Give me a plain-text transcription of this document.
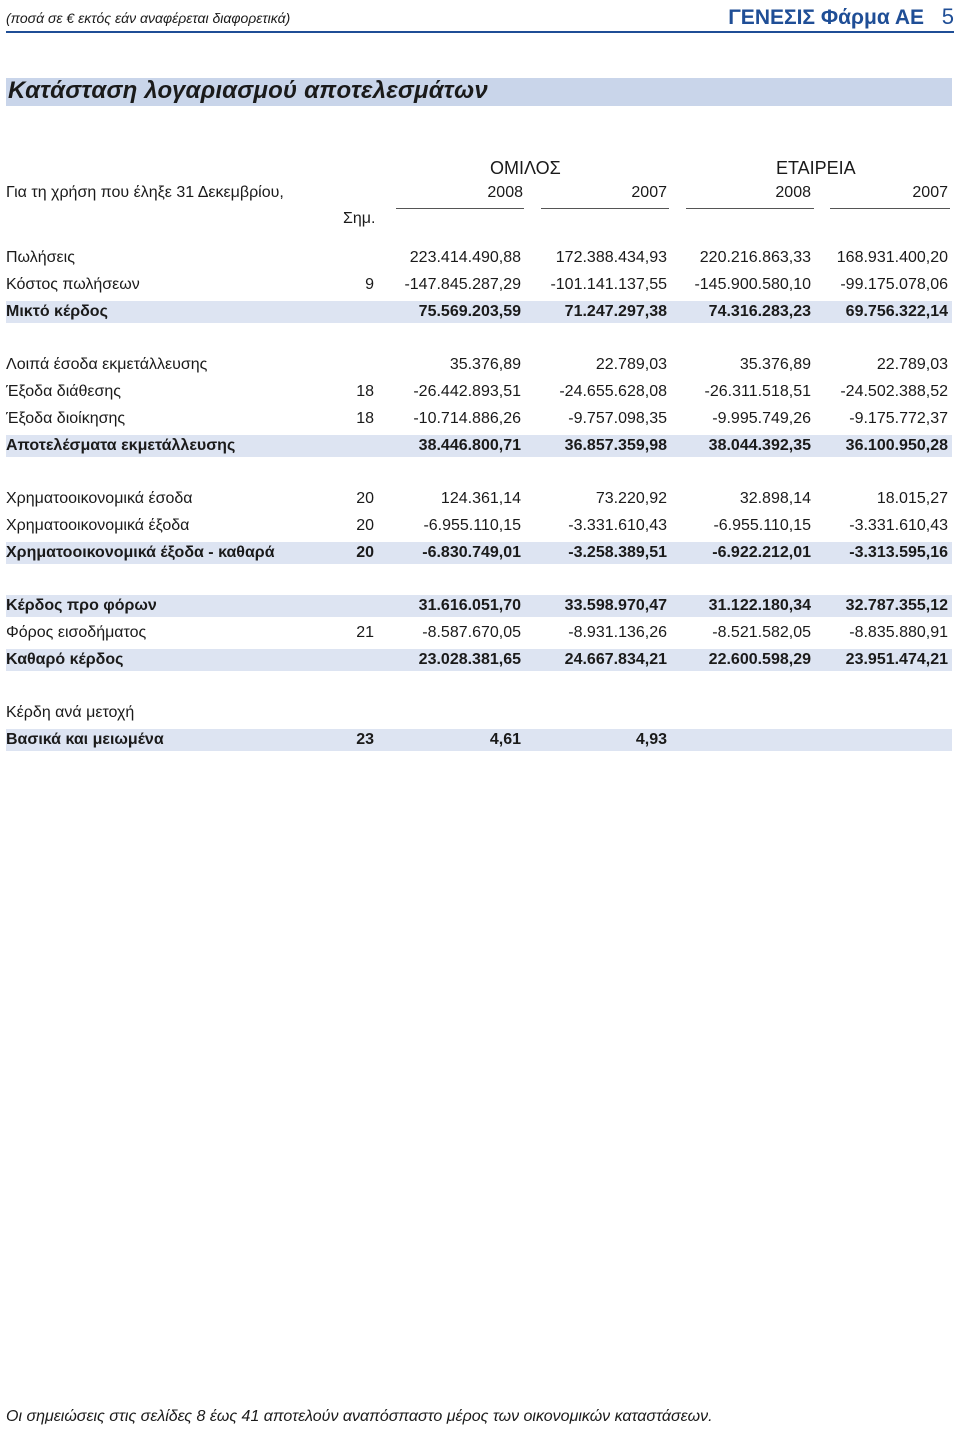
(ποσά σε € εκτός εάν αναφέρεται διαφορετικά)	ΓΕΝΕΣΙΣ Φάρμα ΑΕ 5
Κατάσταση λογαριασμού αποτελεσμάτων
ΟΜΙΛΟΣ	ΕΤΑΙΡΕΙΑ
Για τη χρήση που έληξε 31 Δεκεμβρίου,	2008	2007	2008	2007
Σημ.
Πωλήσεις	223.414.490,88	172.388.434,93	220.216.863,33	168.931.400,20
Κόστος πωλήσεων	9	-147.845.287,29	-101.141.137,55	-145.900.580,10	-99.175.078,06
Μικτό κέρδος	75.569.203,59	71.247.297,38	74.316.283,23	69.756.322,14
Λοιπά έσοδα εκμετάλλευσης	35.376,89	22.789,03	35.376,89	22.789,03
Έξοδα διάθεσης	18	-26.442.893,51	-24.655.628,08	-26.311.518,51	-24.502.388,52
Έξοδα διοίκησης	18	-10.714.886,26	-9.757.098,35	-9.995.749,26	-9.175.772,37
Αποτελέσματα εκμετάλλευσης	38.446.800,71	36.857.359,98	38.044.392,35	36.100.950,28
Χρηματοοικονομικά έσοδα	20	124.361,14	73.220,92	32.898,14	18.015,27
Χρηματοοικονομικά έξοδα	20	-6.955.110,15	-3.331.610,43	-6.955.110,15	-3.331.610,43
Χρηματοοικονομικά έξοδα - καθαρά	20	-6.830.749,01	-3.258.389,51	-6.922.212,01	-3.313.595,16
Κέρδος προ φόρων	31.616.051,70	33.598.970,47	31.122.180,34	32.787.355,12
Φόρος εισοδήματος	21	-8.587.670,05	-8.931.136,26	-8.521.582,05	-8.835.880,91
Καθαρό κέρδος	23.028.381,65	24.667.834,21	22.600.598,29	23.951.474,21
Κέρδη ανά μετοχή
Βασικά και μειωμένα	23	4,61	4,93
Οι σημειώσεις στις σελίδες 8 έως 41 αποτελούν αναπόσπαστο μέρος των οικονομικών καταστάσεων.
